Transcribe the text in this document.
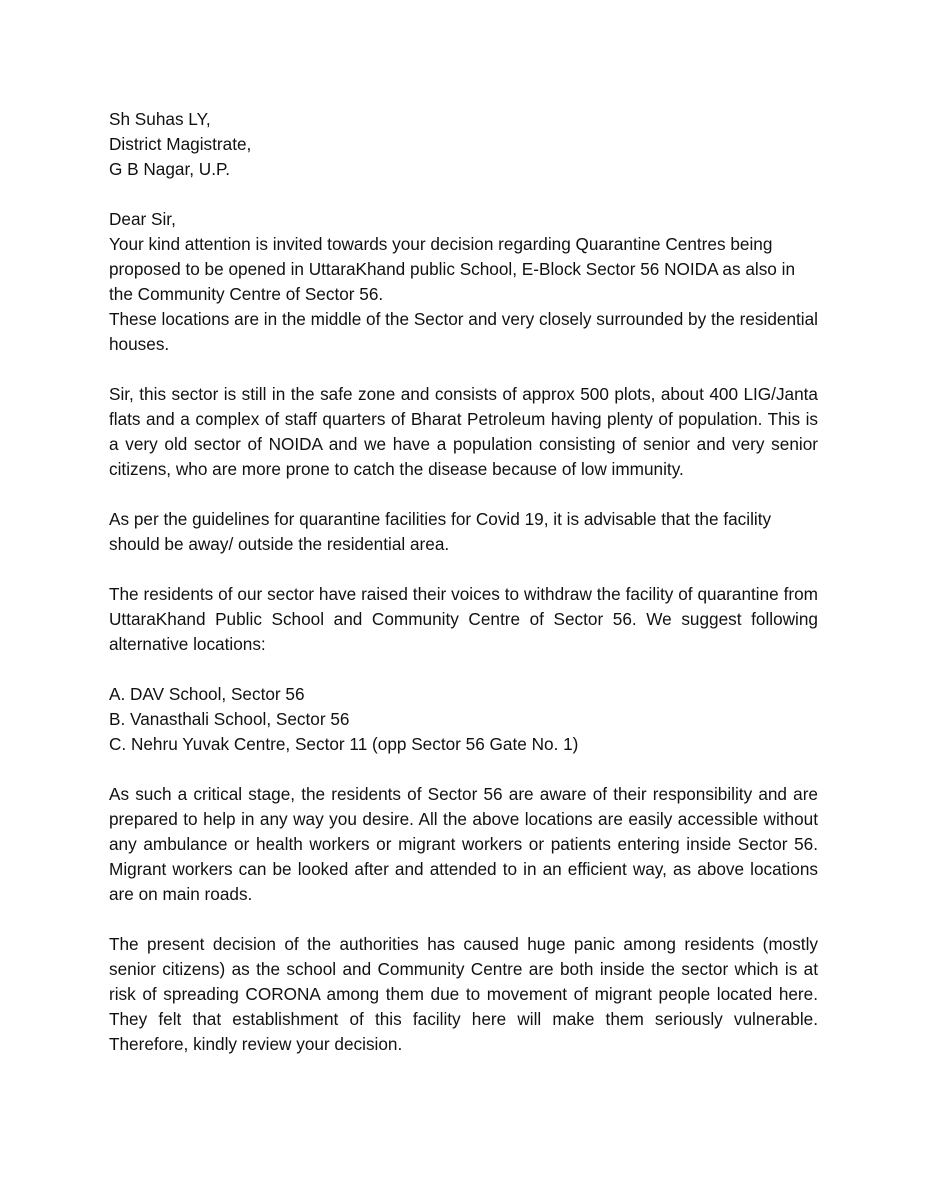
Sh Suhas LY,
District Magistrate,
G B Nagar, U.P.

Dear Sir,

Your kind attention is invited towards your decision regarding Quarantine Centres being proposed to be opened in UttaraKhand public School, E-Block Sector 56 NOIDA as also in the Community Centre of Sector 56.

These locations are in the middle of the Sector and very closely surrounded by the residential houses.

Sir, this sector is still in the safe zone and consists of approx 500 plots, about 400 LIG/Janta flats and a complex of staff quarters of Bharat Petroleum having plenty of population. This is a very old sector of NOIDA and we have a population consisting of senior and very senior citizens, who are more prone to catch the disease because of low immunity.

As per the guidelines for quarantine facilities for Covid 19, it is advisable that the facility should be away/ outside the residential area.

The residents of our sector have raised their voices to withdraw the facility of quarantine from UttaraKhand Public School and Community Centre of Sector 56. We suggest following alternative locations:

A. DAV School, Sector 56
B. Vanasthali School, Sector 56
C. Nehru Yuvak Centre, Sector 11 (opp Sector 56 Gate No. 1)

As such a critical stage, the residents of Sector 56 are aware of their responsibility and are prepared to help in any way you desire. All the above locations are easily accessible without any ambulance or health workers or migrant workers or patients entering inside Sector 56. Migrant workers can be looked after and attended to in an efficient way, as above locations are on main roads.

The present decision of the authorities has caused huge panic among residents (mostly senior citizens) as the school and Community Centre are both inside the sector which is at risk of spreading CORONA among them due to movement of migrant people located here. They felt that establishment of this facility here will make them seriously vulnerable. Therefore, kindly review your decision.
